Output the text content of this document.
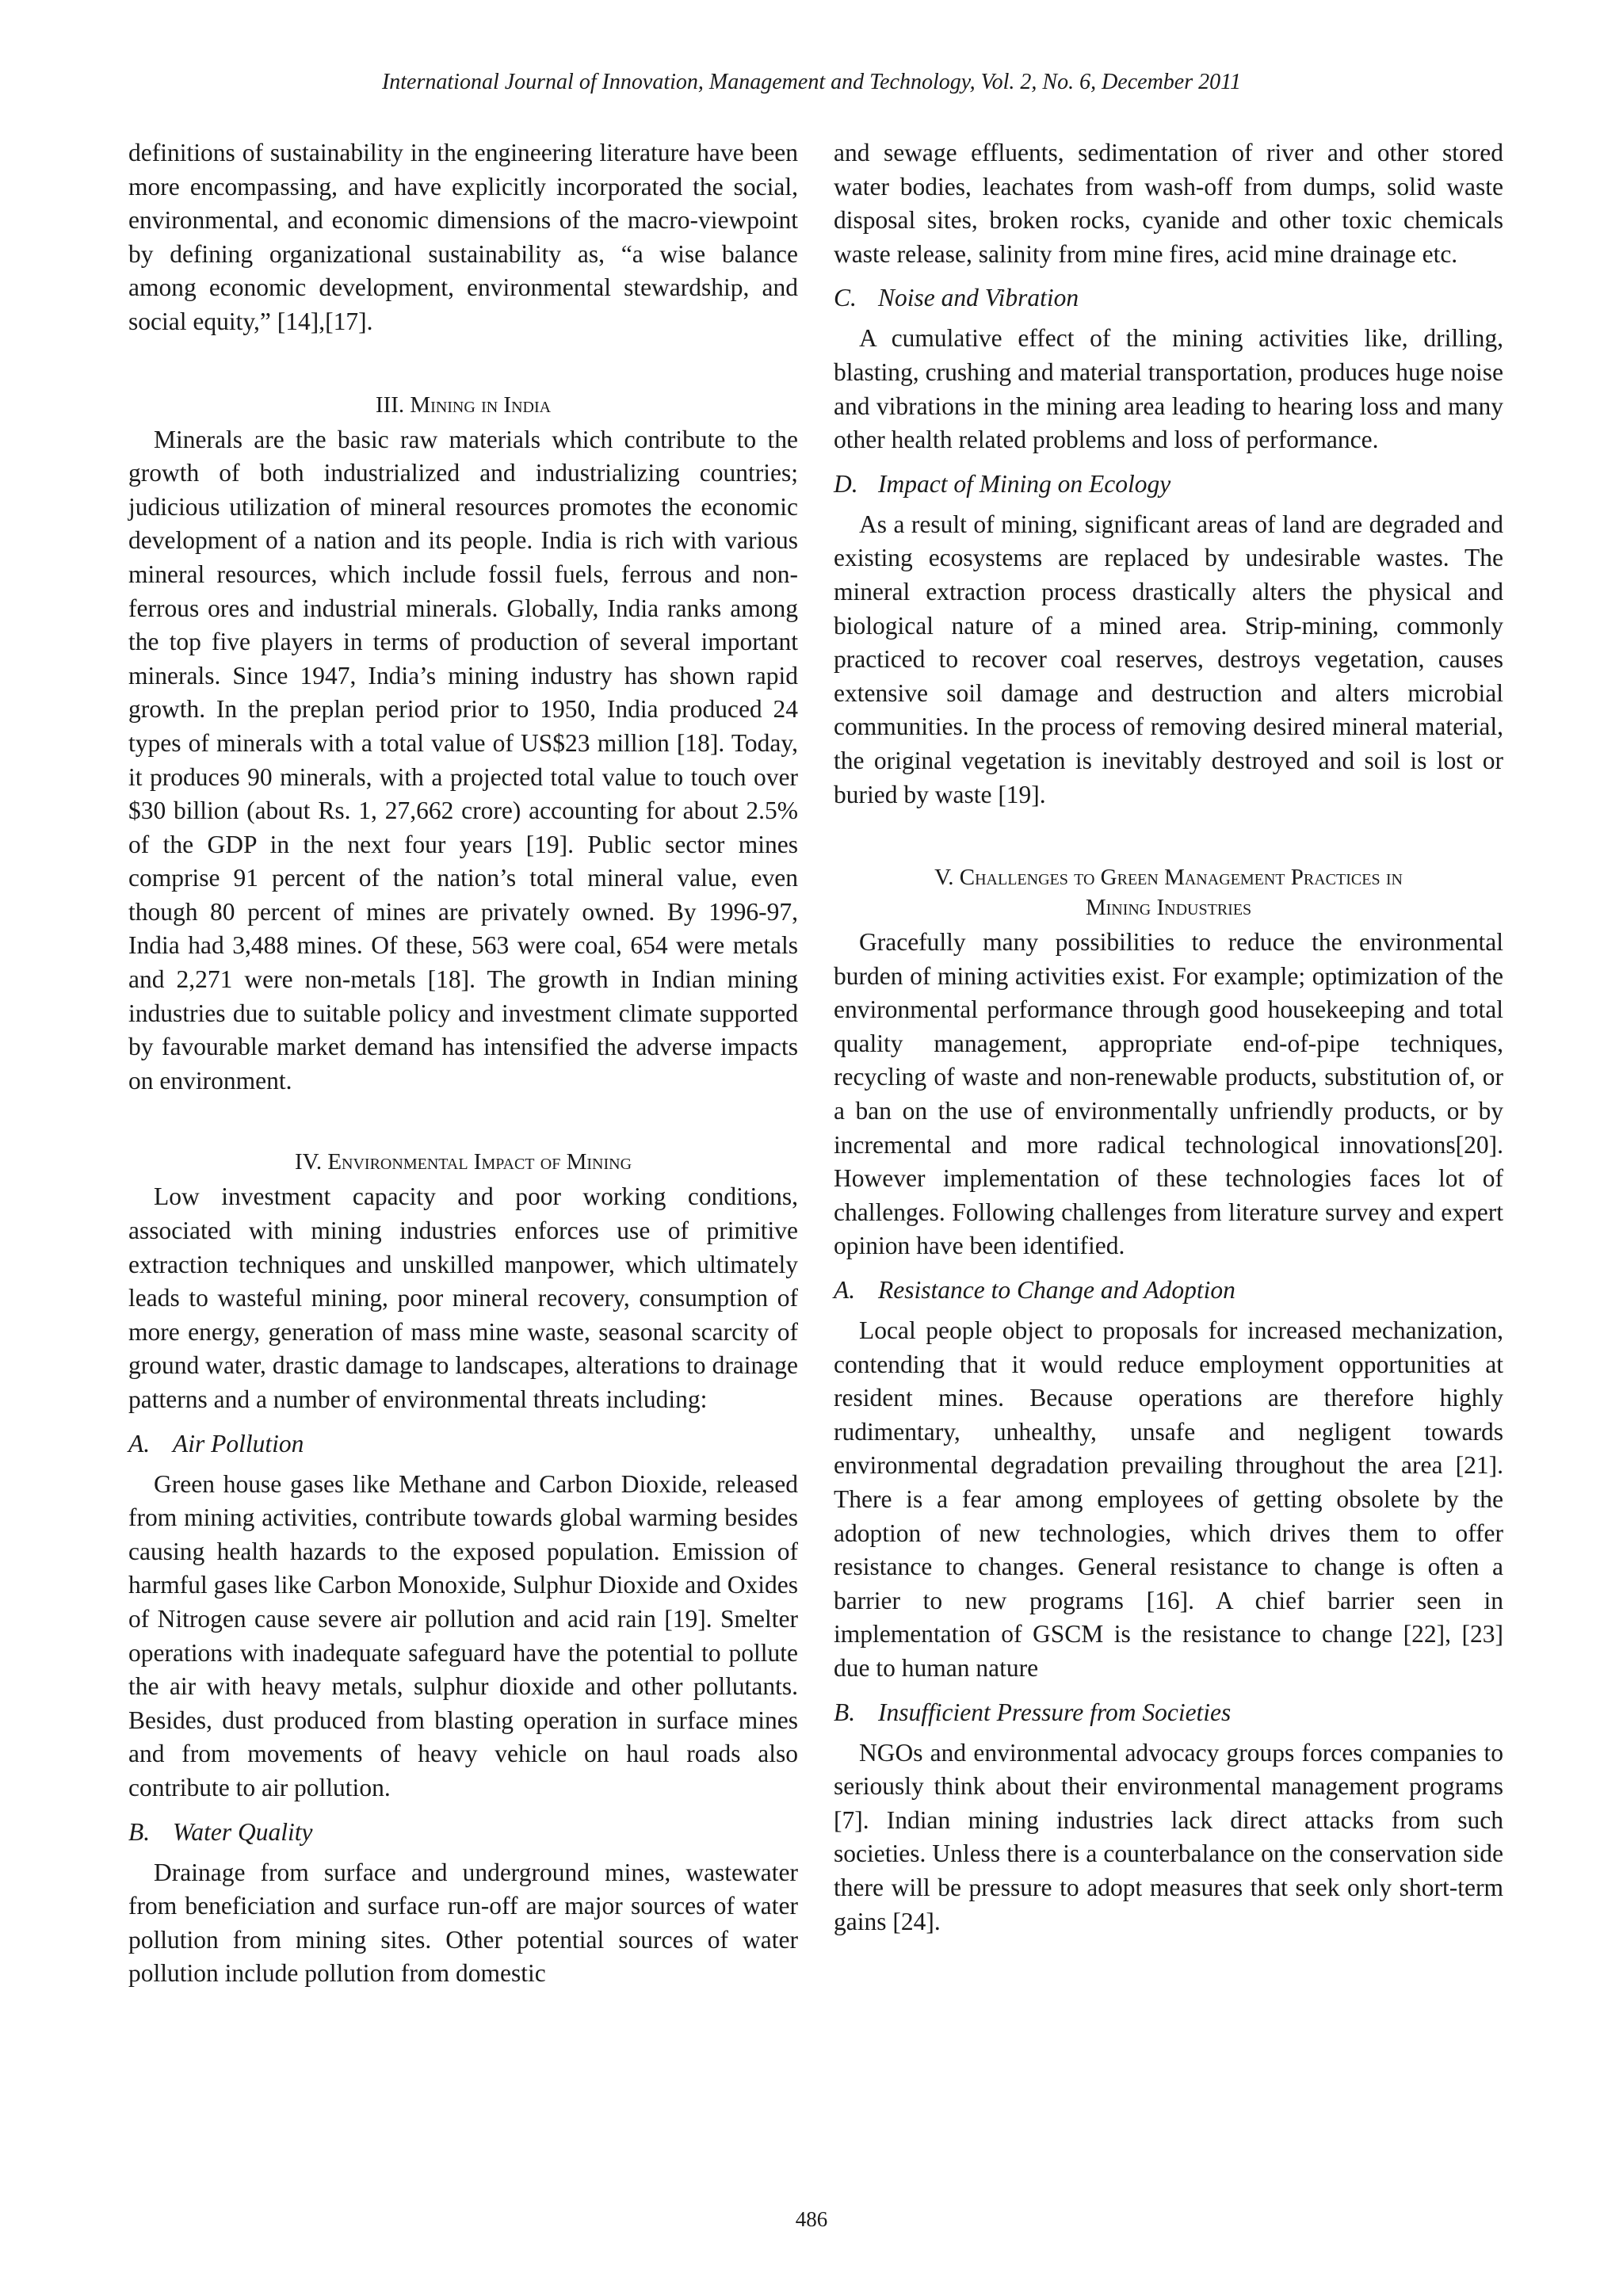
International Journal of Innovation, Management and Technology, Vol. 2, No. 6, December 2011

definitions of sustainability in the engineering literature have been more encompassing, and have explicitly incorporated the social, environmental, and economic dimensions of the macro-viewpoint by defining organizational sustainability as, “a wise balance among economic development, environmental stewardship, and social equity,” [14],[17].

III. Mining in India

Minerals are the basic raw materials which contribute to the growth of both industrialized and industrializing countries; judicious utilization of mineral resources promotes the economic development of a nation and its people. India is rich with various mineral resources, which include fossil fuels, ferrous and non-ferrous ores and industrial minerals. Globally, India ranks among the top five players in terms of production of several important minerals. Since 1947, India’s mining industry has shown rapid growth. In the preplan period prior to 1950, India produced 24 types of minerals with a total value of US$23 million [18]. Today, it produces 90 minerals, with a projected total value to touch over $30 billion (about Rs. 1, 27,662 crore) accounting for about 2.5% of the GDP in the next four years [19]. Public sector mines comprise 91 percent of the nation’s total mineral value, even though 80 percent of mines are privately owned. By 1996-97, India had 3,488 mines. Of these, 563 were coal, 654 were metals and 2,271 were non-metals [18]. The growth in Indian mining industries due to suitable policy and investment climate supported by favourable market demand has intensified the adverse impacts on environment.

IV. Environmental Impact of Mining

Low investment capacity and poor working conditions, associated with mining industries enforces use of primitive extraction techniques and unskilled manpower, which ultimately leads to wasteful mining, poor mineral recovery, consumption of more energy, generation of mass mine waste, seasonal scarcity of ground water, drastic damage to landscapes, alterations to drainage patterns and a number of environmental threats including:

A. Air Pollution

Green house gases like Methane and Carbon Dioxide, released from mining activities, contribute towards global warming besides causing health hazards to the exposed population. Emission of harmful gases like Carbon Monoxide, Sulphur Dioxide and Oxides of Nitrogen cause severe air pollution and acid rain [19]. Smelter operations with inadequate safeguard have the potential to pollute the air with heavy metals, sulphur dioxide and other pollutants. Besides, dust produced from blasting operation in surface mines and from movements of heavy vehicle on haul roads also contribute to air pollution.

B. Water Quality

Drainage from surface and underground mines, wastewater from beneficiation and surface run-off are major sources of water pollution from mining sites. Other potential sources of water pollution include pollution from domestic

and sewage effluents, sedimentation of river and other stored water bodies, leachates from wash-off from dumps, solid waste disposal sites, broken rocks, cyanide and other toxic chemicals waste release, salinity from mine fires, acid mine drainage etc.

C. Noise and Vibration

A cumulative effect of the mining activities like, drilling, blasting, crushing and material transportation, produces huge noise and vibrations in the mining area leading to hearing loss and many other health related problems and loss of performance.

D. Impact of Mining on Ecology

As a result of mining, significant areas of land are degraded and existing ecosystems are replaced by undesirable wastes. The mineral extraction process drastically alters the physical and biological nature of a mined area. Strip-mining, commonly practiced to recover coal reserves, destroys vegetation, causes extensive soil damage and destruction and alters microbial communities. In the process of removing desired mineral material, the original vegetation is inevitably destroyed and soil is lost or buried by waste [19].

V. Challenges to Green Management Practices in
Mining Industries

Gracefully many possibilities to reduce the environmental burden of mining activities exist. For example; optimization of the environmental performance through good housekeeping and total quality management, appropriate end-of-pipe techniques, recycling of waste and non-renewable products, substitution of, or a ban on the use of environmentally unfriendly products, or by incremental and more radical technological innovations[20]. However implementation of these technologies faces lot of challenges. Following challenges from literature survey and expert opinion have been identified.

A. Resistance to Change and Adoption

Local people object to proposals for increased mechanization, contending that it would reduce employment opportunities at resident mines. Because operations are therefore highly rudimentary, unhealthy, unsafe and negligent towards environmental degradation prevailing throughout the area [21]. There is a fear among employees of getting obsolete by the adoption of new technologies, which drives them to offer resistance to changes. General resistance to change is often a barrier to new programs [16]. A chief barrier seen in implementation of GSCM is the resistance to change [22], [23] due to human nature

B. Insufficient Pressure from Societies

NGOs and environmental advocacy groups forces companies to seriously think about their environmental management programs [7]. Indian mining industries lack direct attacks from such societies. Unless there is a counterbalance on the conservation side there will be pressure to adopt measures that seek only short-term gains [24].

486
